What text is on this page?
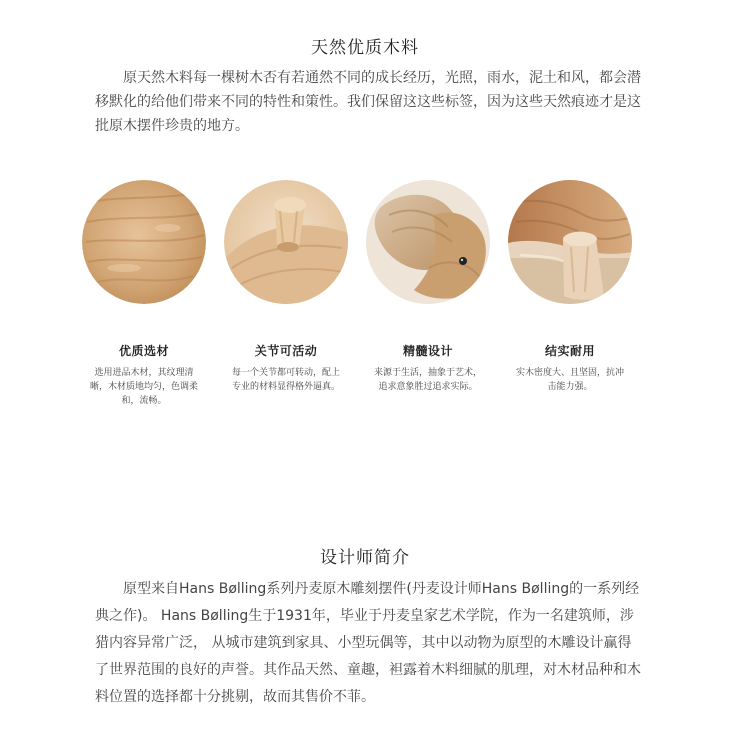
天然优质木料

原天然木料每一棵树木否有若通然不同的成长经历，光照，雨水，泥土和风，都会潜移默化的给他们带来不同的特性和策性。我们保留这这些标签，因为这些天然痕迹才是这批原木摆件珍贵的地方。

优质选材
选用进品木材，其纹理清晰，木材质地均匀，色调柔和，流畅。
关节可活动
每一个关节都可转动，配上专业的材料显得格外逼真。
精髓设计
来源于生活，抽象于艺术，追求意象胜过追求实际。
结实耐用
实木密度大、且坚固，抗冲击能力强。
设计师简介

原型来自Hans Bølling系列丹麦原木雕刻摆件(丹麦设计师Hans Bølling的一系列经典之作)。 Hans Bølling生于1931年，毕业于丹麦皇家艺术学院，作为一名建筑师，涉猎内容异常广泛， 从城市建筑到家具、小型玩偶等，其中以动物为原型的木雕设计赢得了世界范围的良好的声誉。其作品天然、童趣，袒露着木料细腻的肌理，对木材品种和木料位置的选择都十分挑剔，故而其售价不菲。
